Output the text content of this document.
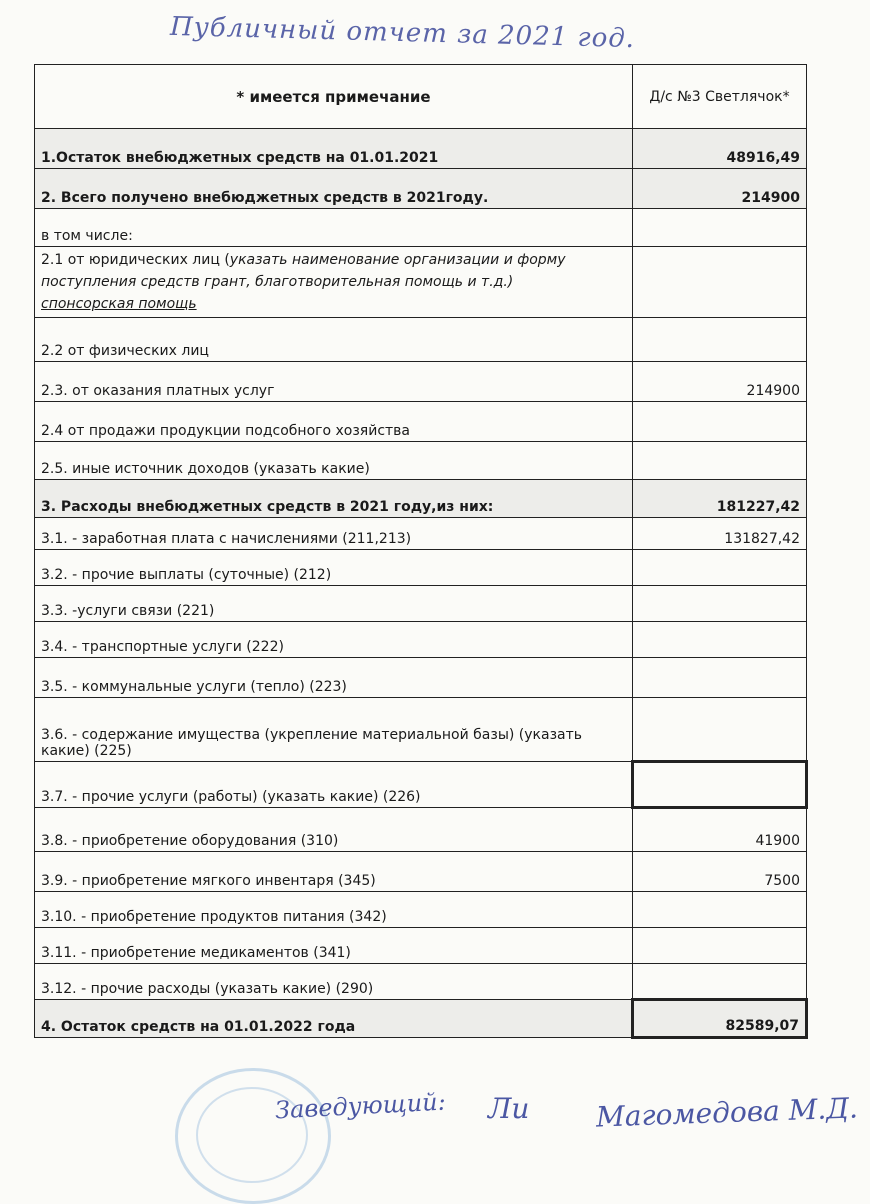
Публичный отчет за 2021 год.
* имеется примечание	Д/с №3 Светлячок*
1.Остаток внебюджетных средств на 01.01.2021	48916,49
2. Всего получено внебюджетных средств в 2021году.	214900
в том числе:	
2.1 от юридических лиц (указать наименование организации и форму поступления средств грант, благотворительная помощь и т.д.)
спонсорская помощь	
2.2 от физических лиц	
2.3. от оказания платных услуг	214900
2.4 от продажи продукции подсобного хозяйства	
2.5. иные источник доходов (указать какие)	
3. Расходы внебюджетных средств в 2021 году,из них:	181227,42
3.1. - заработная плата с начислениями (211,213)	131827,42
3.2. - прочие выплаты (суточные) (212)	
3.3. -услуги связи (221)	
3.4. - транспортные услуги (222)	
3.5. - коммунальные услуги (тепло) (223)	
3.6. - содержание имущества (укрепление материальной базы) (указать какие) (225)	
3.7. - прочие услуги (работы) (указать какие) (226)	
3.8. - приобретение оборудования (310)	41900
3.9. - приобретение мягкого инвентаря (345)	7500
3.10. - приобретение продуктов питания (342)	
3.11. - приобретение медикаментов (341)	
3.12. - прочие расходы (указать какие) (290)	
4. Остаток средств на 01.01.2022 года	82589,07
Заведующий: Ли Магомедова М.Д.
